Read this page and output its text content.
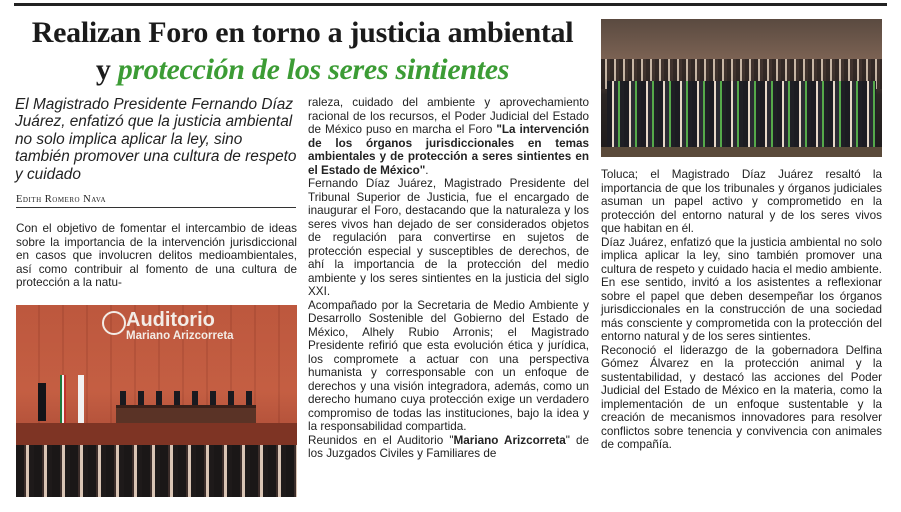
Realizan Foro en torno a justicia ambiental
y protección de los seres sintientes
El Magistrado Presidente Fernando Díaz Juárez, enfatizó que la justicia ambiental no solo implica aplicar la ley, sino también promover una cultura de respeto y cuidado
Edith Romero Nava

Con el objetivo de fomentar el intercambio de ideas sobre la importancia de la intervención jurisdiccional en casos que involucren delitos medioambientales, así como contribuir al fomento de una cultura de protección a la natu-

Auditorio
Mariano Arizcorreta

raleza, cuidado del ambiente y aprovechamiento racional de los recursos, el Poder Judicial del Estado de México puso en marcha el Foro "La intervención de los órganos jurisdiccionales en temas ambientales y de protección a seres sintientes en el Estado de México".

Fernando Díaz Juárez, Magistrado Presidente del Tribunal Superior de Justicia, fue el encargado de inaugurar el Foro, destacando que la naturaleza y los seres vivos han dejado de ser considerados objetos de regulación para convertirse en sujetos de protección especial y susceptibles de derechos, de ahí la importancia de la protección del medio ambiente y los seres sintientes en la justicia del siglo XXI.

Acompañado por la Secretaria de Medio Ambiente y Desarrollo Sostenible del Gobierno del Estado de México, Alhely Rubio Arronis; el Magistrado Presidente refirió que esta evolución ética y jurídica, los compromete a actuar con una perspectiva humanista y corresponsable con un enfoque de derechos y una visión integradora, además, como un derecho humano cuya protección exige un verdadero compromiso de todas las instituciones, bajo la idea y la responsabilidad compartida.

Reunidos en el Auditorio "Mariano Arizcorreta" de los Juzgados Civiles y Familiares de

Toluca; el Magistrado Díaz Juárez resaltó la importancia de que los tribunales y órganos judiciales asuman un papel activo y comprometido en la protección del entorno natural y de los seres vivos que habitan en él.

Díaz Juárez, enfatizó que la justicia ambiental no solo implica aplicar la ley, sino también promover una cultura de respeto y cuidado hacia el medio ambiente. En ese sentido, invitó a los asistentes a reflexionar sobre el papel que deben desempeñar los órganos jurisdiccionales en la construcción de una sociedad más consciente y comprometida con la protección del entorno natural y de los seres sintientes.

Reconoció el liderazgo de la gobernadora Delfina Gómez Álvarez en la protección animal y la sustentabilidad, y destacó las acciones del Poder Judicial del Estado de México en la materia, como la implementación de un enfoque sustentable y la creación de mecanismos innovadores para resolver conflictos sobre tenencia y convivencia con animales de compañía.
